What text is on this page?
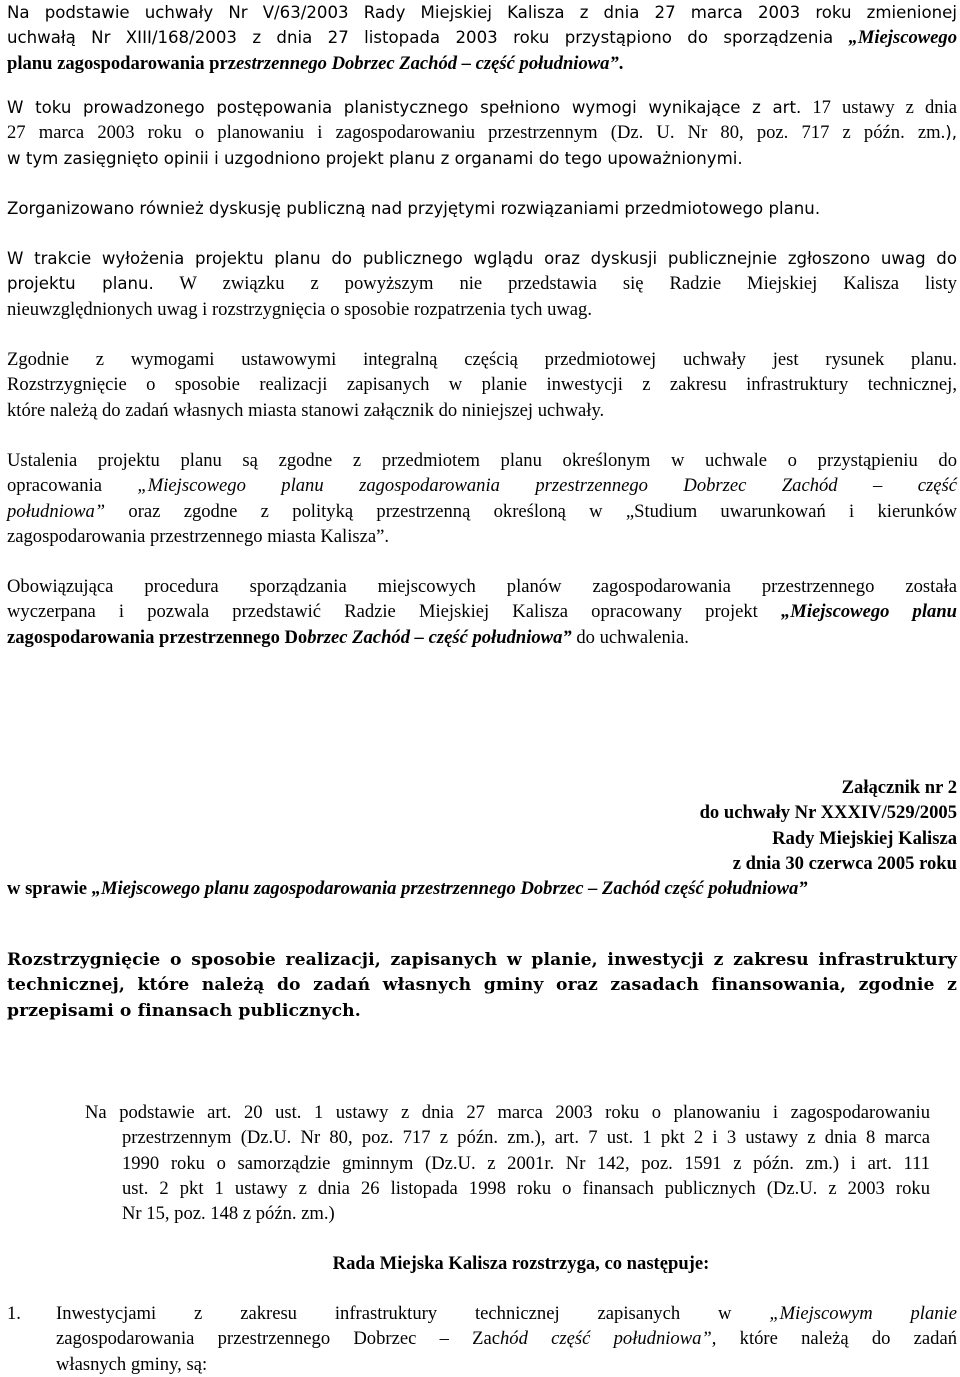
Na podstawie uchwały Nr V/63/2003 Rady Miejskiej Kalisza z dnia 27 marca 2003 roku zmienionej
uchwałą Nr XIII/168/2003 z dnia 27 listopada 2003 roku przystąpiono do sporządzenia „Miejscowego
planu zagospodarowania przestrzennego Dobrzec Zachód – część południowa”.
W toku prowadzonego postępowania planistycznego spełniono wymogi wynikające z art. 17 ustawy z dnia
27 marca 2003 roku o planowaniu i zagospodarowaniu przestrzennym (Dz. U. Nr 80, poz. 717 z późn. zm.),
w tym zasięgnięto opinii i uzgodniono projekt planu z organami do tego upoważnionymi.
Zorganizowano również dyskusję publiczną nad przyjętymi rozwiązaniami przedmiotowego planu.
W trakcie wyłożenia projektu planu do publicznego wglądu oraz dyskusji publicznejnie zgłoszono uwag do
projektu planu. W związku z powyższym nie przedstawia się Radzie Miejskiej Kalisza listy
nieuwzględnionych uwag i rozstrzygnięcia o sposobie rozpatrzenia tych uwag.
Zgodnie z wymogami ustawowymi integralną częścią przedmiotowej uchwały jest rysunek planu.
Rozstrzygnięcie o sposobie realizacji zapisanych w planie inwestycji z zakresu infrastruktury technicznej,
które należą do zadań własnych miasta stanowi załącznik do niniejszej uchwały.
Ustalenia projektu planu są zgodne z przedmiotem planu określonym w uchwale o przystąpieniu do
opracowania „Miejscowego planu zagospodarowania przestrzennego Dobrzec Zachód – część
południowa” oraz zgodne z polityką przestrzenną określoną w „Studium uwarunkowań i kierunków
zagospodarowania przestrzennego miasta Kalisza”.
Obowiązująca procedura sporządzania miejscowych planów zagospodarowania przestrzennego została
wyczerpana i pozwala przedstawić Radzie Miejskiej Kalisza opracowany projekt „Miejscowego planu
zagospodarowania przestrzennego Dobrzec Zachód – część południowa” do uchwalenia.
Załącznik nr 2
do uchwały Nr XXXIV/529/2005
Rady Miejskiej Kalisza
z dnia 30 czerwca 2005 roku
w sprawie „Miejscowego planu zagospodarowania przestrzennego Dobrzec – Zachód część południowa”
Rozstrzygnięcie o sposobie realizacji, zapisanych w planie, inwestycji z zakresu infrastruktury
technicznej, które należą do zadań własnych gminy oraz zasadach finansowania, zgodnie z
przepisami o finansach publicznych.
Na podstawie art. 20 ust. 1 ustawy z dnia 27 marca 2003 roku o planowaniu i zagospodarowaniu
przestrzennym (Dz.U. Nr 80, poz. 717 z późn. zm.), art. 7 ust. 1 pkt 2 i 3 ustawy z dnia 8 marca
1990 roku o samorządzie gminnym (Dz.U. z 2001r. Nr 142, poz. 1591 z późn. zm.) i art. 111
ust. 2 pkt 1 ustawy z dnia 26 listopada 1998 roku o finansach publicznych (Dz.U. z 2003 roku
Nr 15, poz. 148 z późn. zm.)
Rada Miejska Kalisza rozstrzyga, co następuje:
1.	Inwestycjami z zakresu infrastruktury technicznej zapisanych w „Miejscowym planie
zagospodarowania przestrzennego Dobrzec – Zachód część południowa”, które należą do zadań
własnych gminy, są:
